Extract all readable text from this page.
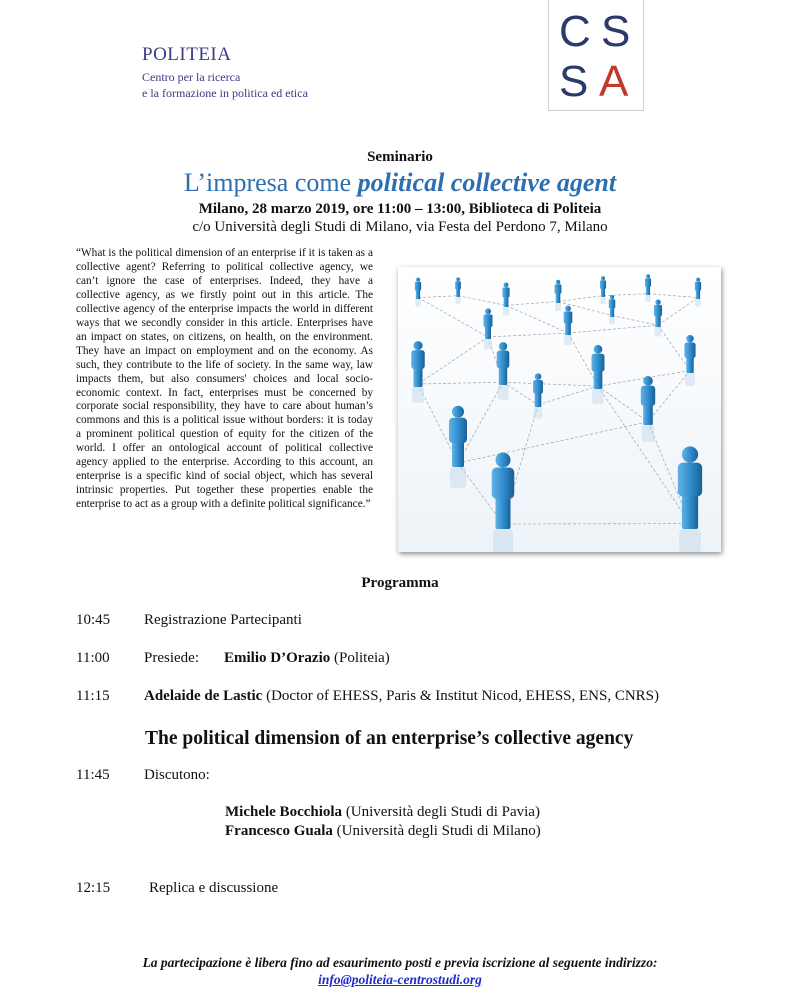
POLITEIA
Centro per la ricerca
e la formazione in politica ed etica
C S
S A
Seminario
L’impresa come political collective agent
Milano, 28 marzo 2019, ore 11:00 – 13:00, Biblioteca di Politeia
c/o Università degli Studi di Milano, via Festa del Perdono 7, Milano
“What is the political dimension of an enterprise if it is taken as a collective agent? Referring to political collective agency, we can’t ignore the case of enterprises. Indeed, they have a collective agency, as we firstly point out in this article. The collective agency of the enterprise impacts the world in different ways that we secondly consider in this article. Enterprises have an impact on states, on citizens, on health, on the environment. They have an impact on employment and on the economy. As such, they contribute to the life of society. In the same way, law impacts them, but also consumers' choices and local socio-economic context. In fact, enterprises must be concerned by corporate social responsibility, they have to care about human’s commons and this is a political issue without borders: it is today a prominent political question of equity for the citizen of the world. I offer an ontological account of political collective agency applied to the enterprise. According to this account, an enterprise is a specific kind of social object, which has several intrinsic properties. Put together these properties enable the enterprise to act as a group with a definite political significance.”
Programma
10:45 Registrazione Partecipanti
11:00 Presiede: Emilio D’Orazio (Politeia)
11:15 Adelaide de Lastic (Doctor of EHESS, Paris & Institut Nicod, EHESS, ENS, CNRS)
The political dimension of an enterprise’s collective agency
11:45 Discutono:
Michele Bocchiola (Università degli Studi di Pavia)
Francesco Guala (Università degli Studi di Milano)
12:15	Replica e discussione
La partecipazione è libera fino ad esaurimento posti e previa iscrizione al seguente indirizzo:
info@politeia-centrostudi.org
